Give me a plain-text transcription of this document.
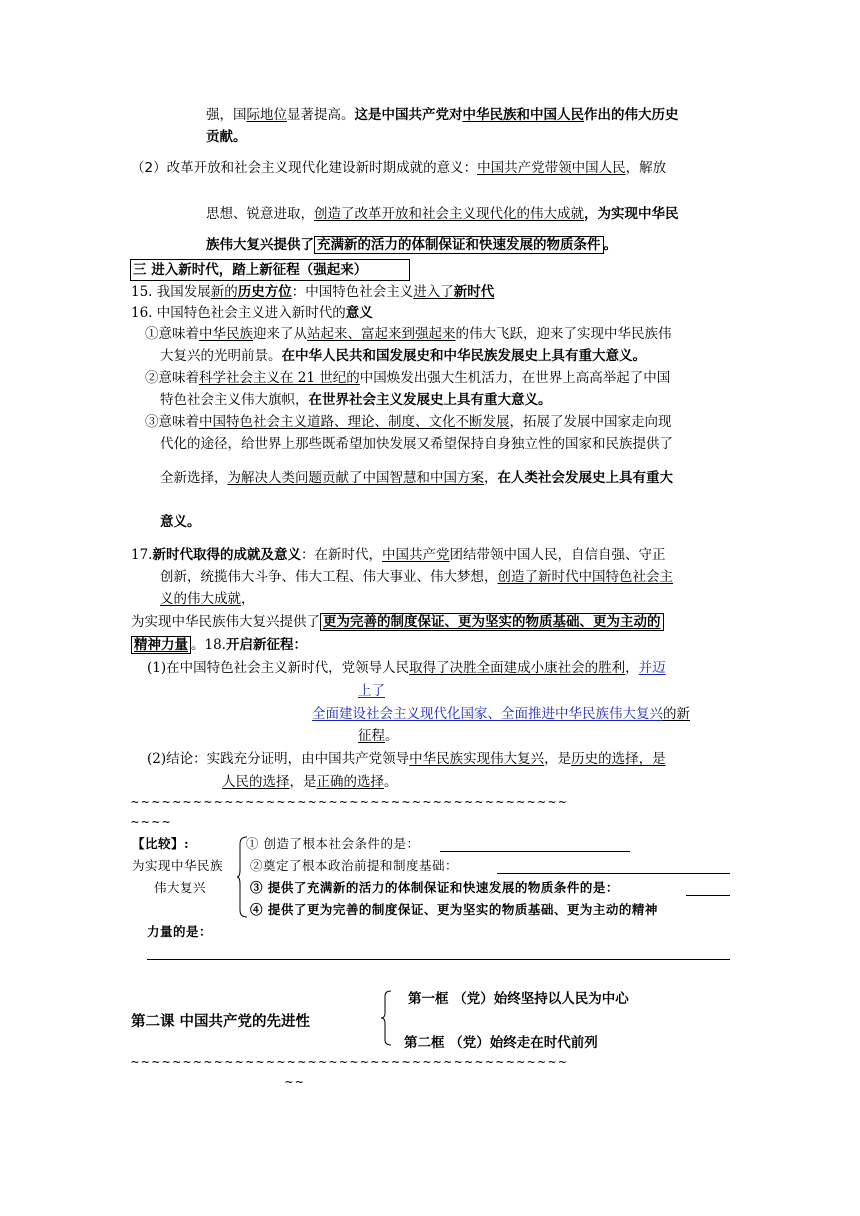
强，国际地位显著提高。这是中国共产党对中华民族和中国人民作出的伟大历史
贡献。
（2）改革开放和社会主义现代化建设新时期成就的意义：中国共产党带领中国人民，解放
思想、锐意进取，创造了改革开放和社会主义现代化的伟大成就，为实现中华民
族伟大复兴提供了 充满新的活力的体制保证和快速发展的物质条件 。
三 进入新时代，踏上新征程（强起来）
15. 我国发展新的历史方位：中国特色社会主义进入了新时代
16. 中国特色社会主义进入新时代的意义
①意味着中华民族迎来了从站起来、富起来到强起来的伟大飞跃，迎来了实现中华民族伟
大复兴的光明前景。在中华人民共和国发展史和中华民族发展史上具有重大意义。
②意味着科学社会主义在 21 世纪的中国焕发出强大生机活力，在世界上高高举起了中国
特色社会主义伟大旗帜，在世界社会主义发展史上具有重大意义。
③意味着中国特色社会主义道路、理论、制度、文化不断发展，拓展了发展中国家走向现
代化的途径，给世界上那些既希望加快发展又希望保持自身独立性的国家和民族提供了
全新选择，为解决人类问题贡献了中国智慧和中国方案，在人类社会发展史上具有重大
意义。
17.新时代取得的成就及意义：在新时代，中国共产党团结带领中国人民，自信自强、守正
创新，统揽伟大斗争、伟大工程、伟大事业、伟大梦想，创造了新时代中国特色社会主
义的伟大成就，
为实现中华民族伟大复兴提供了 更为完善的制度保证、更为坚实的物质基础、更为主动的
精神力量 。18.开启新征程：
(1)在中国特色社会主义新时代，党领导人民取得了决胜全面建成小康社会的胜利，并迈
上了
全面建设社会主义现代化国家、全面推进中华民族伟大复兴的新
征程。
(2)结论：实践充分证明，由中国共产党领导中华民族实现伟大复兴，是历史的选择，是
人民的选择，是正确的选择。
~~~~~~~~~~~~~~~~~~~~~~~~~~~~~~~~~~~~~~~~~~
~~~~
【比较】:
为实现中华民族
伟大复兴
① 创造了根本社会条件的是：
②奠定了根本政治前提和制度基础：
③ 提供了充满新的活力的体制保证和快速发展的物质条件的是：
④ 提供了更为完善的制度保证、更为坚实的物质基础、更为主动的精神
力量的是：
第二课 中国共产党的先进性
第一框 （党）始终坚持以人民为中心
第二框 （党）始终走在时代前列
~~~~~~~~~~~~~~~~~~~~~~~~~~~~~~~~~~~~~~~~~~
~~
